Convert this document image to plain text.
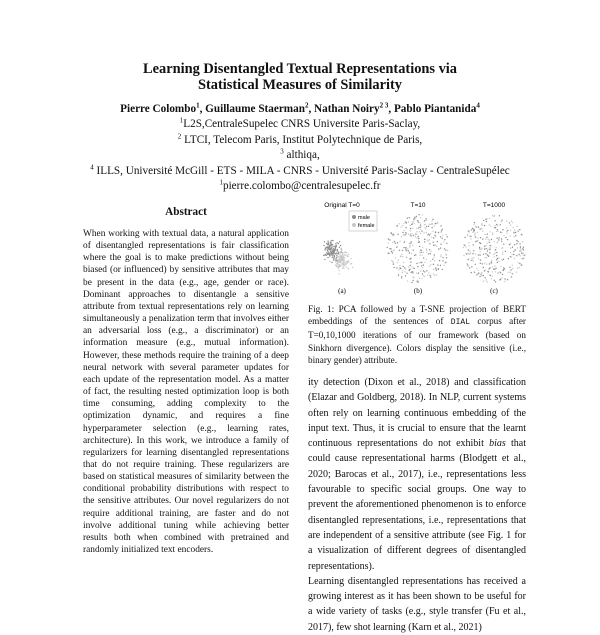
Learning Disentangled Textual Representations via
Statistical Measures of Similarity
Pierre Colombo$^1$, Guillaume Staerman$^2$, Nathan Noiry$^{2 3}$, Pablo Piantanida$^4$
$^1$L2S,CentraleSupelec CNRS Universite Paris-Saclay,
$^2$ LTCI, Telecom Paris, Institut Polytechnique de Paris,
$^3$ althiqa,
$^4$ ILLS, Université McGill - ETS - MILA - CNRS - Université Paris-Saclay - CentraleSupélec
$^1$pierre.colombo@centralesupelec.fr
Abstract
When working with textual data, a natural application of disentangled representations is fair classification where the goal is to make predictions without being biased (or influenced) by sensitive attributes that may be present in the data (e.g., age, gender or race). Dominant approaches to disentangle a sensitive attribute from textual representations rely on learning simultaneously a penalization term that involves either an adversarial loss (e.g., a discriminator) or an information measure (e.g., mutual information). However, these methods require the training of a deep neural network with several parameter updates for each update of the representation model. As a matter of fact, the resulting nested optimization loop is both time consuming, adding complexity to the optimization dynamic, and requires a fine hyperparameter selection (e.g., learning rates, architecture). In this work, we introduce a family of regularizers for learning disentangled representations that do not require training. These regularizers are based on statistical measures of similarity between the conditional probability distributions with respect to the sensitive attributes. Our novel regularizers do not require additional training, are faster and do not involve additional tuning while achieving better results both when combined with pretrained and randomly initialized text encoders.
Original T=0
male
female
(a)
T=10
(b)
T=1000
(c)
Fig. 1: PCA followed by a T-SNE projection of BERT embeddings of the sentences of DIAL corpus after T=0,10,1000 iterations of our framework (based on Sinkhorn divergence). Colors display the sensitive (i.e., binary gender) attribute.
ity detection (Dixon et al., 2018) and classification (Elazar and Goldberg, 2018). In NLP, current systems often rely on learning continuous embedding of the input text. Thus, it is crucial to ensure that the learnt continuous representations do not exhibit bias that could cause representational harms (Blodgett et al., 2020; Barocas et al., 2017), i.e., representations less favourable to specific social groups. One way to prevent the aforementioned phenomenon is to enforce disentangled representations, i.e., representations that are independent of a sensitive attribute (see Fig. 1 for a visualization of different degrees of disentangled representations).
Learning disentangled representations has received a growing interest as it has been shown to be useful for a wide variety of tasks (e.g., style transfer (Fu et al., 2017), few shot learning (Karn et al., 2021)
